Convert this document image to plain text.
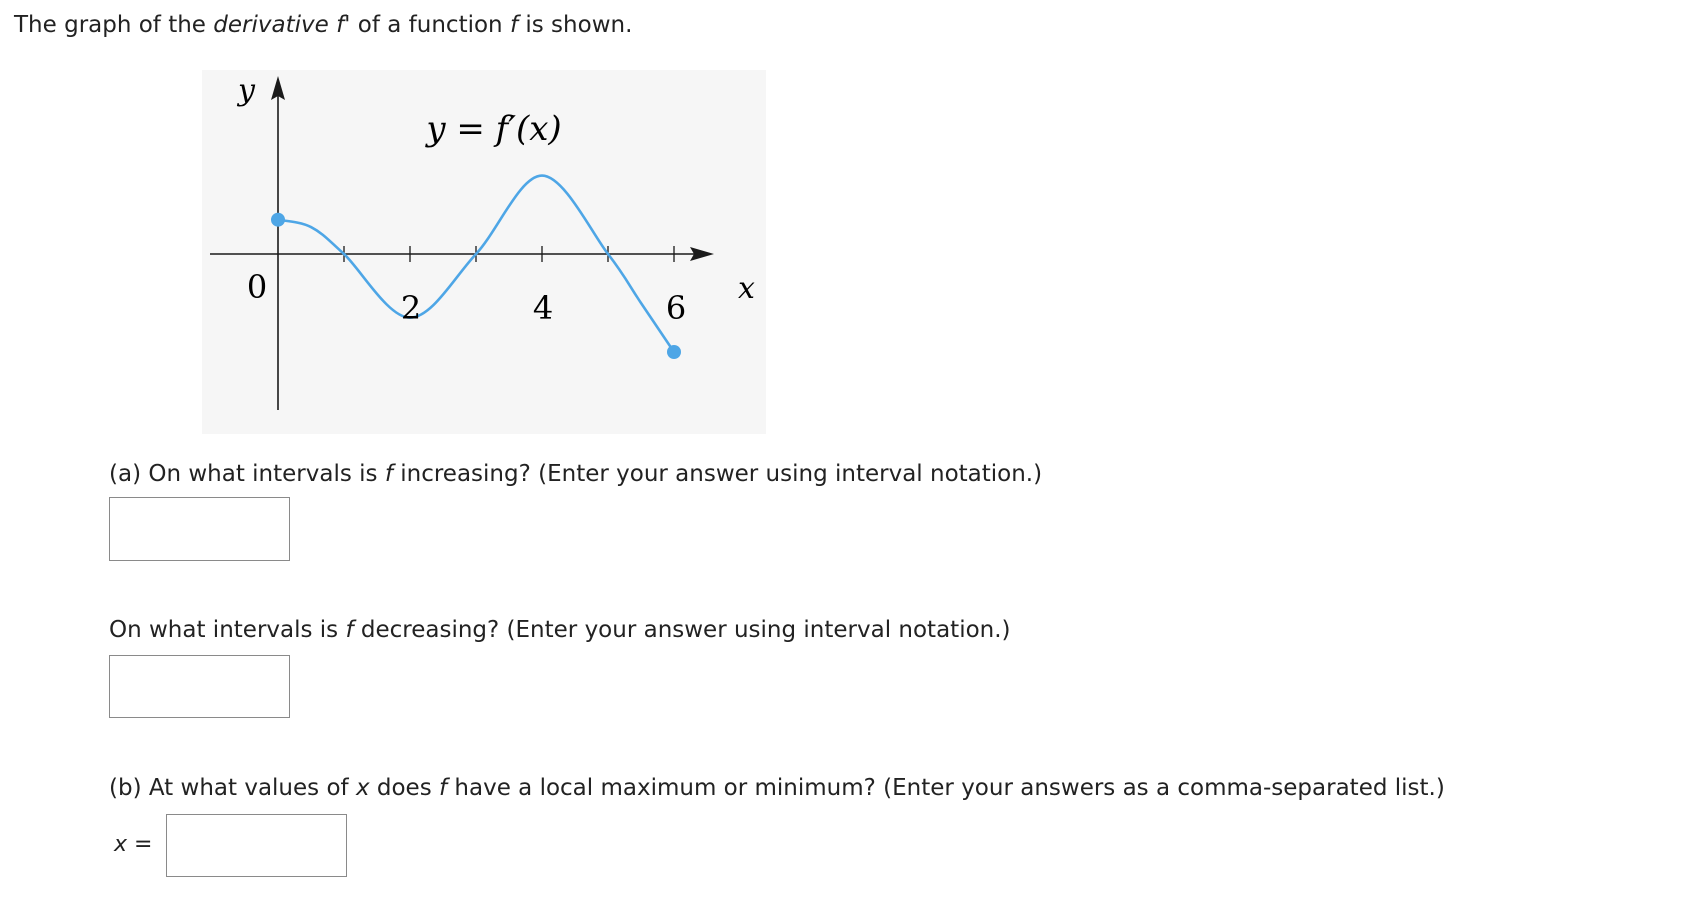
The graph of the derivative f' of a function f is shown.
y
x
y = f′(x)
0
2	4	6
(a) On what intervals is f increasing? (Enter your answer using interval notation.)
On what intervals is f decreasing? (Enter your answer using interval notation.)
(b) At what values of x does f have a local maximum or minimum? (Enter your answers as a comma-separated list.)
x =
